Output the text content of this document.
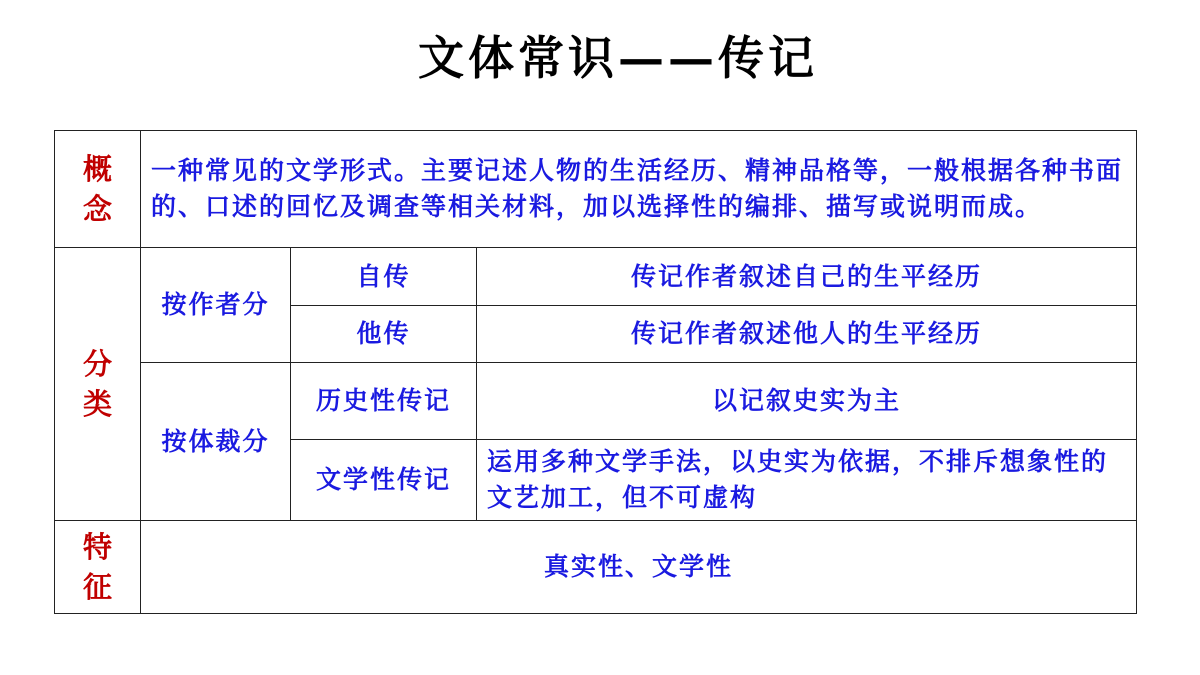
文体常识——传记
概
念	一种常见的文学形式。主要记述人物的生活经历、精神品格等，一般根据各种书面的、口述的回忆及调查等相关材料，加以选择性的编排、描写或说明而成。		

分
类	按作者分	自传	传记作者叙述自己的生平经历
		他传	传记作者叙述他人的生平经历
	按体裁分	历史性传记	以记叙史实为主
		文学性传记	运用多种文学手法，以史实为依据，不排斥想象性的文艺加工，但不可虚构

特
征	真实性、文学性		
